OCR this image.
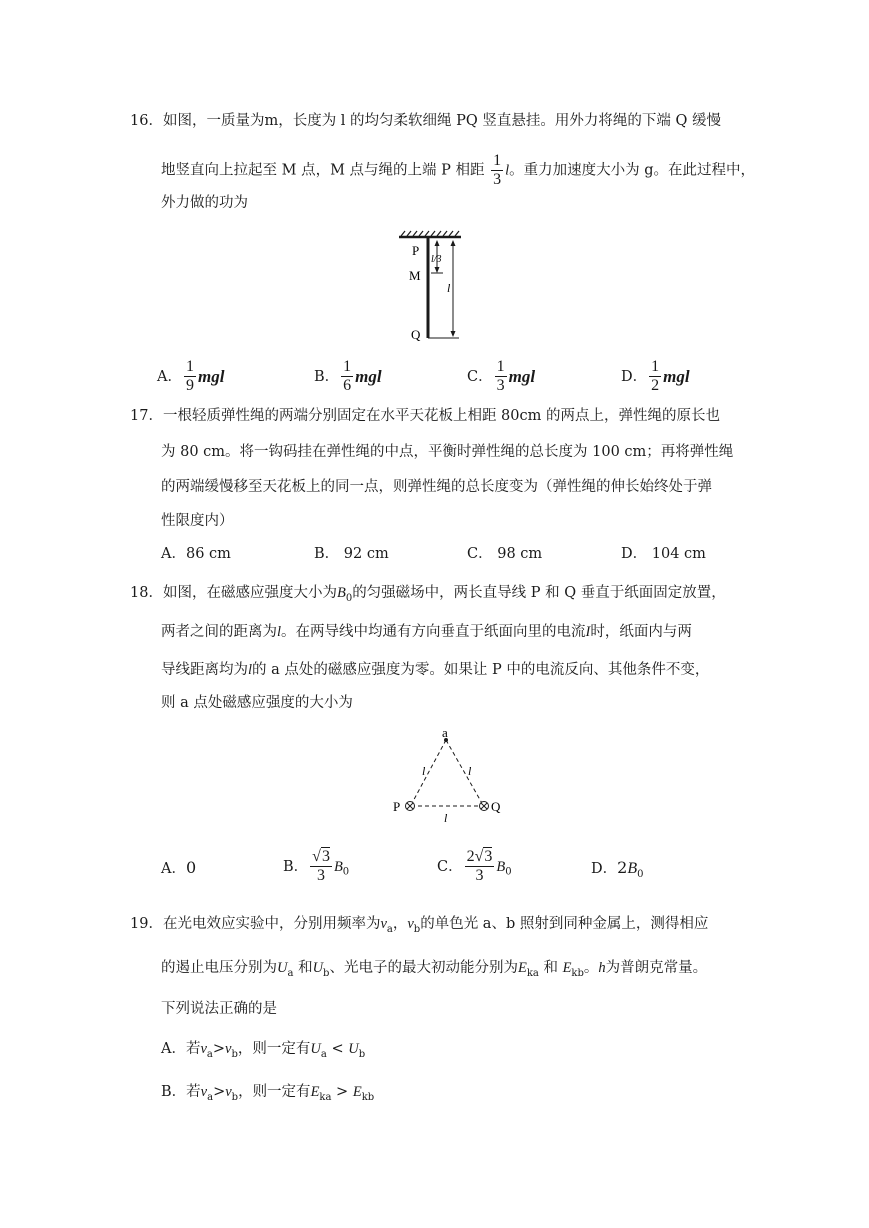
16．如图，一质量为m，长度为 l 的均匀柔软细绳 PQ 竖直悬挂。用外力将绳的下端 Q 缓慢
地竖直向上拉起至 M 点，M 点与绳的上端 P 相距 $\frac{1}{3}$ l。重力加速度大小为 g。在此过程中，
外力做的功为
P
M
Q
l/3
l
A． $\frac{1}{9}$ mgl	B． $\frac{1}{6}$ mgl	C． $\frac{1}{3}$ mgl	D． $\frac{1}{2}$ mgl
17．一根轻质弹性绳的两端分别固定在水平天花板上相距 80cm 的两点上，弹性绳的原长也
为 80 cm。将一钩码挂在弹性绳的中点，平衡时弹性绳的总长度为 100 cm；再将弹性绳
的两端缓慢移至天花板上的同一点，则弹性绳的总长度变为（弹性绳的伸长始终处于弹
性限度内）
A．86 cm	B． 92 cm	C． 98 cm	D． 104 cm
18．如图，在磁感应强度大小为$B_0$的匀强磁场中，两长直导线 P 和 Q 垂直于纸面固定放置，
两者之间的距离为l。在两导线中均通有方向垂直于纸面向里的电流I时，纸面内与两
导线距离均为l的 a 点处的磁感应强度为零。如果让 P 中的电流反向、其他条件不变，
则 a 点处磁感应强度的大小为
a
P	Q
l	l
l
A．0	B． $\frac{√3}{3} B_0$	C． $\frac{2√3}{3} B_0$	D．$2B_0$
19．在光电效应实验中，分别用频率为$\nu_a$，$\nu_b$的单色光 a、b 照射到同种金属上，测得相应
的遏止电压分别为$U_a$ 和$U_b$、光电子的最大初动能分别为$E_{ka}$ 和 $E_{kb}$。h为普朗克常量。
下列说法正确的是
A．若$\nu_a>\nu_b$，则一定有$U_a < U_b$
B．若$\nu_a>\nu_b$，则一定有$E_{ka} > E_{kb}$
